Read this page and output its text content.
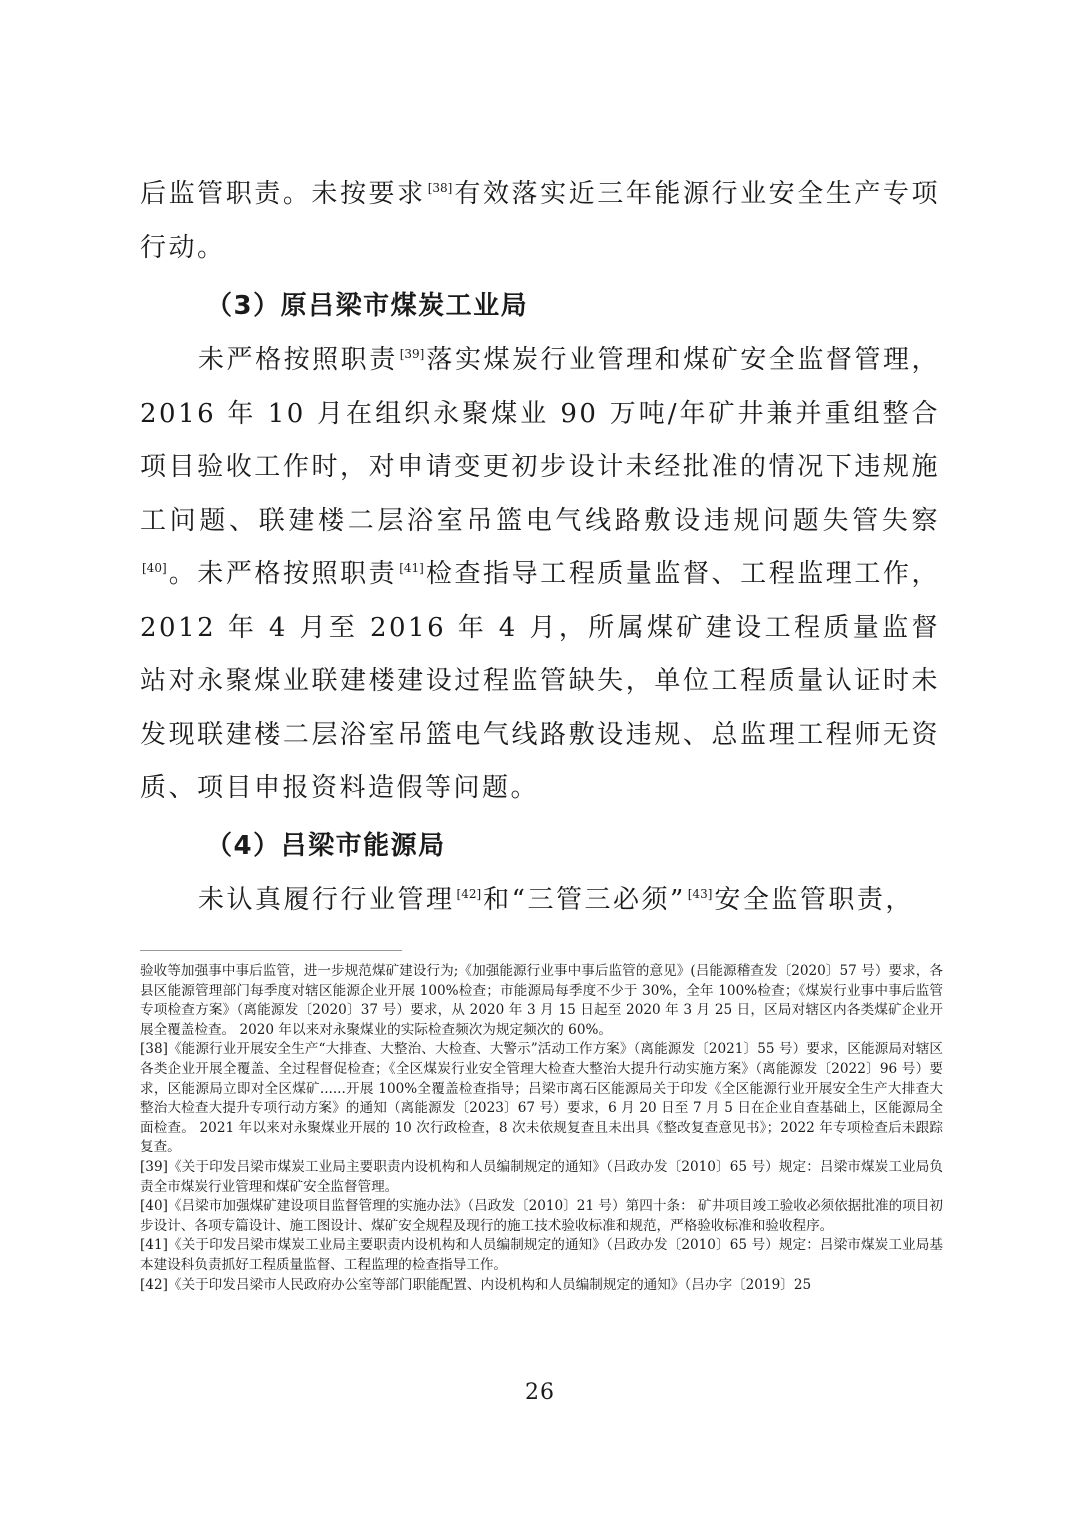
后监管职责。未按要求 [38]有效落实近三年能源行业安全生产专项行动。
（3）原吕梁市煤炭工业局
未严格按照职责 [39]落实煤炭行业管理和煤矿安全监督管理，2016 年 10 月在组织永聚煤业 90 万吨/年矿井兼并重组整合项目验收工作时，对申请变更初步设计未经批准的情况下违规施工问题、联建楼二层浴室吊篮电气线路敷设违规问题失管失察[40]。未严格按照职责 [41]检查指导工程质量监督、工程监理工作，2012 年 4 月至 2016 年 4 月，所属煤矿建设工程质量监督站对永聚煤业联建楼建设过程监管缺失，单位工程质量认证时未发现联建楼二层浴室吊篮电气线路敷设违规、总监理工程师无资质、项目申报资料造假等问题。
（4）吕梁市能源局
未认真履行行业管理 [42]和“三管三必须” [43]安全监管职责，

验收等加强事中事后监管，进一步规范煤矿建设行为;《加强能源行业事中事后监管的意见》(吕能源稽查发〔2020〕57 号）要求，各县区能源管理部门每季度对辖区能源企业开展 100%检查；市能源局每季度不少于 30%，全年 100%检查；《煤炭行业事中事后监管专项检查方案》（离能源发〔2020〕37 号）要求，从 2020 年 3 月 15 日起至 2020 年 3 月 25 日，区局对辖区内各类煤矿企业开展全覆盖检查。 2020 年以来对永聚煤业的实际检查频次为规定频次的 60%。

[38]《能源行业开展安全生产“大排查、大整治、大检查、大警示”活动工作方案》（离能源发〔2021〕55 号）要求，区能源局对辖区各类企业开展全覆盖、全过程督促检查；《全区煤炭行业安全管理大检查大整治大提升行动实施方案》（离能源发〔2022〕96 号）要求，区能源局立即对全区煤矿......开展 100%全覆盖检查指导；吕梁市离石区能源局关于印发《全区能源行业开展安全生产大排查大整治大检查大提升专项行动方案》的通知（离能源发〔2023〕67 号）要求，6 月 20 日至 7 月 5 日在企业自查基础上，区能源局全面检查。 2021 年以来对永聚煤业开展的 10 次行政检查，8 次未依规复查且未出具《整改复查意见书》；2022 年专项检查后未跟踪复查。

[39]《关于印发吕梁市煤炭工业局主要职责内设机构和人员编制规定的通知》（吕政办发〔2010〕65 号）规定：吕梁市煤炭工业局负责全市煤炭行业管理和煤矿安全监督管理。

[40]《吕梁市加强煤矿建设项目监督管理的实施办法》（吕政发〔2010〕21 号）第四十条： 矿井项目竣工验收必须依据批准的项目初步设计、各项专篇设计、施工图设计、煤矿安全规程及现行的施工技术验收标准和规范，严格验收标准和验收程序。

[41]《关于印发吕梁市煤炭工业局主要职责内设机构和人员编制规定的通知》（吕政办发〔2010〕65 号）规定：吕梁市煤炭工业局基本建设科负责抓好工程质量监督、工程监理的检查指导工作。

[42]《关于印发吕梁市人民政府办公室等部门职能配置、内设机构和人员编制规定的通知》（吕办字〔2019〕25

26
